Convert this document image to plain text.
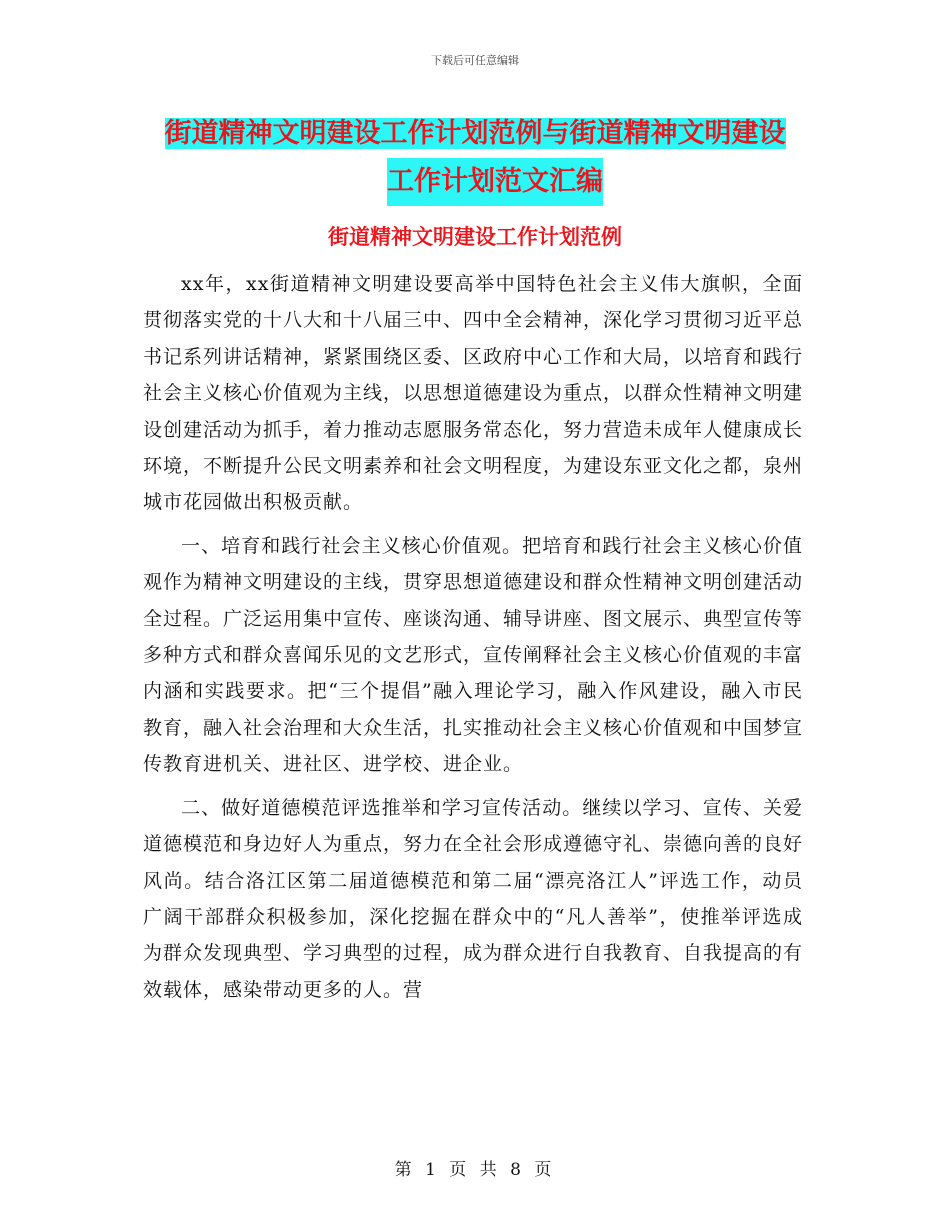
下载后可任意编辑
街道精神文明建设工作计划范例与街道精神文明建设
工作计划范文汇编
街道精神文明建设工作计划范例

xx年，xx街道精神文明建设要高举中国特色社会主义伟大旗帜，全面贯彻落实党的十八大和十八届三中、四中全会精神，深化学习贯彻习近平总书记系列讲话精神，紧紧围绕区委、区政府中心工作和大局，以培育和践行社会主义核心价值观为主线，以思想道德建设为重点，以群众性精神文明建设创建活动为抓手，着力推动志愿服务常态化，努力营造未成年人健康成长环境，不断提升公民文明素养和社会文明程度，为建设东亚文化之都，泉州城市花园做出积极贡献。

一、培育和践行社会主义核心价值观。把培育和践行社会主义核心价值观作为精神文明建设的主线，贯穿思想道德建设和群众性精神文明创建活动全过程。广泛运用集中宣传、座谈沟通、辅导讲座、图文展示、典型宣传等多种方式和群众喜闻乐见的文艺形式，宣传阐释社会主义核心价值观的丰富内涵和实践要求。把“三个提倡”融入理论学习，融入作风建设，融入市民教育，融入社会治理和大众生活，扎实推动社会主义核心价值观和中国梦宣传教育进机关、进社区、进学校、进企业。

二、做好道德模范评选推举和学习宣传活动。继续以学习、宣传、关爱道德模范和身边好人为重点，努力在全社会形成遵德守礼、崇德向善的良好风尚。结合洛江区第二届道德模范和第二届“漂亮洛江人”评选工作，动员广阔干部群众积极参加，深化挖掘在群众中的“凡人善举”，使推举评选成为群众发现典型、学习典型的过程，成为群众进行自我教育、自我提高的有效载体，感染带动更多的人。营

第 1 页 共 8 页
